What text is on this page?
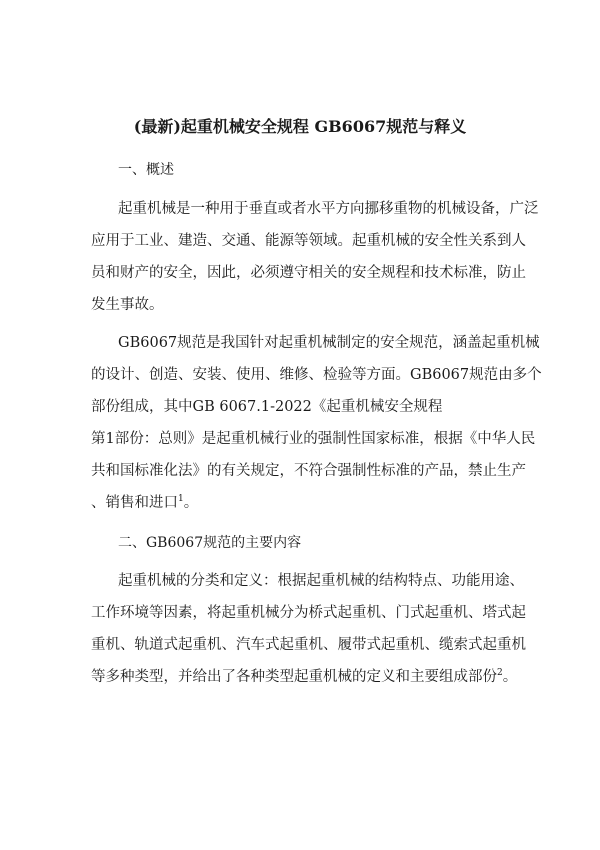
(最新)起重机械安全规程 GB6067规范与释义
一、概述
起重机械是一种用于垂直或者水平方向挪移重物的机械设备，广泛
应用于工业、建造、交通、能源等领域。起重机械的安全性关系到人
员和财产的安全，因此，必须遵守相关的安全规程和技术标准，防止
发生事故。
GB6067规范是我国针对起重机械制定的安全规范，涵盖起重机械
的设计、创造、安装、使用、维修、检验等方面。GB6067规范由多个
部份组成，其中GB 6067.1-2022《起重机械安全规程
第1部份：总则》是起重机械行业的强制性国家标准，根据《中华人民
共和国标准化法》的有关规定，不符合强制性标准的产品，禁止生产
、销售和进口$^1$。
二、GB6067规范的主要内容
起重机械的分类和定义：根据起重机械的结构特点、功能用途、
工作环境等因素，将起重机械分为桥式起重机、门式起重机、塔式起
重机、轨道式起重机、汽车式起重机、履带式起重机、缆索式起重机
等多种类型，并给出了各种类型起重机械的定义和主要组成部份$^2$。
